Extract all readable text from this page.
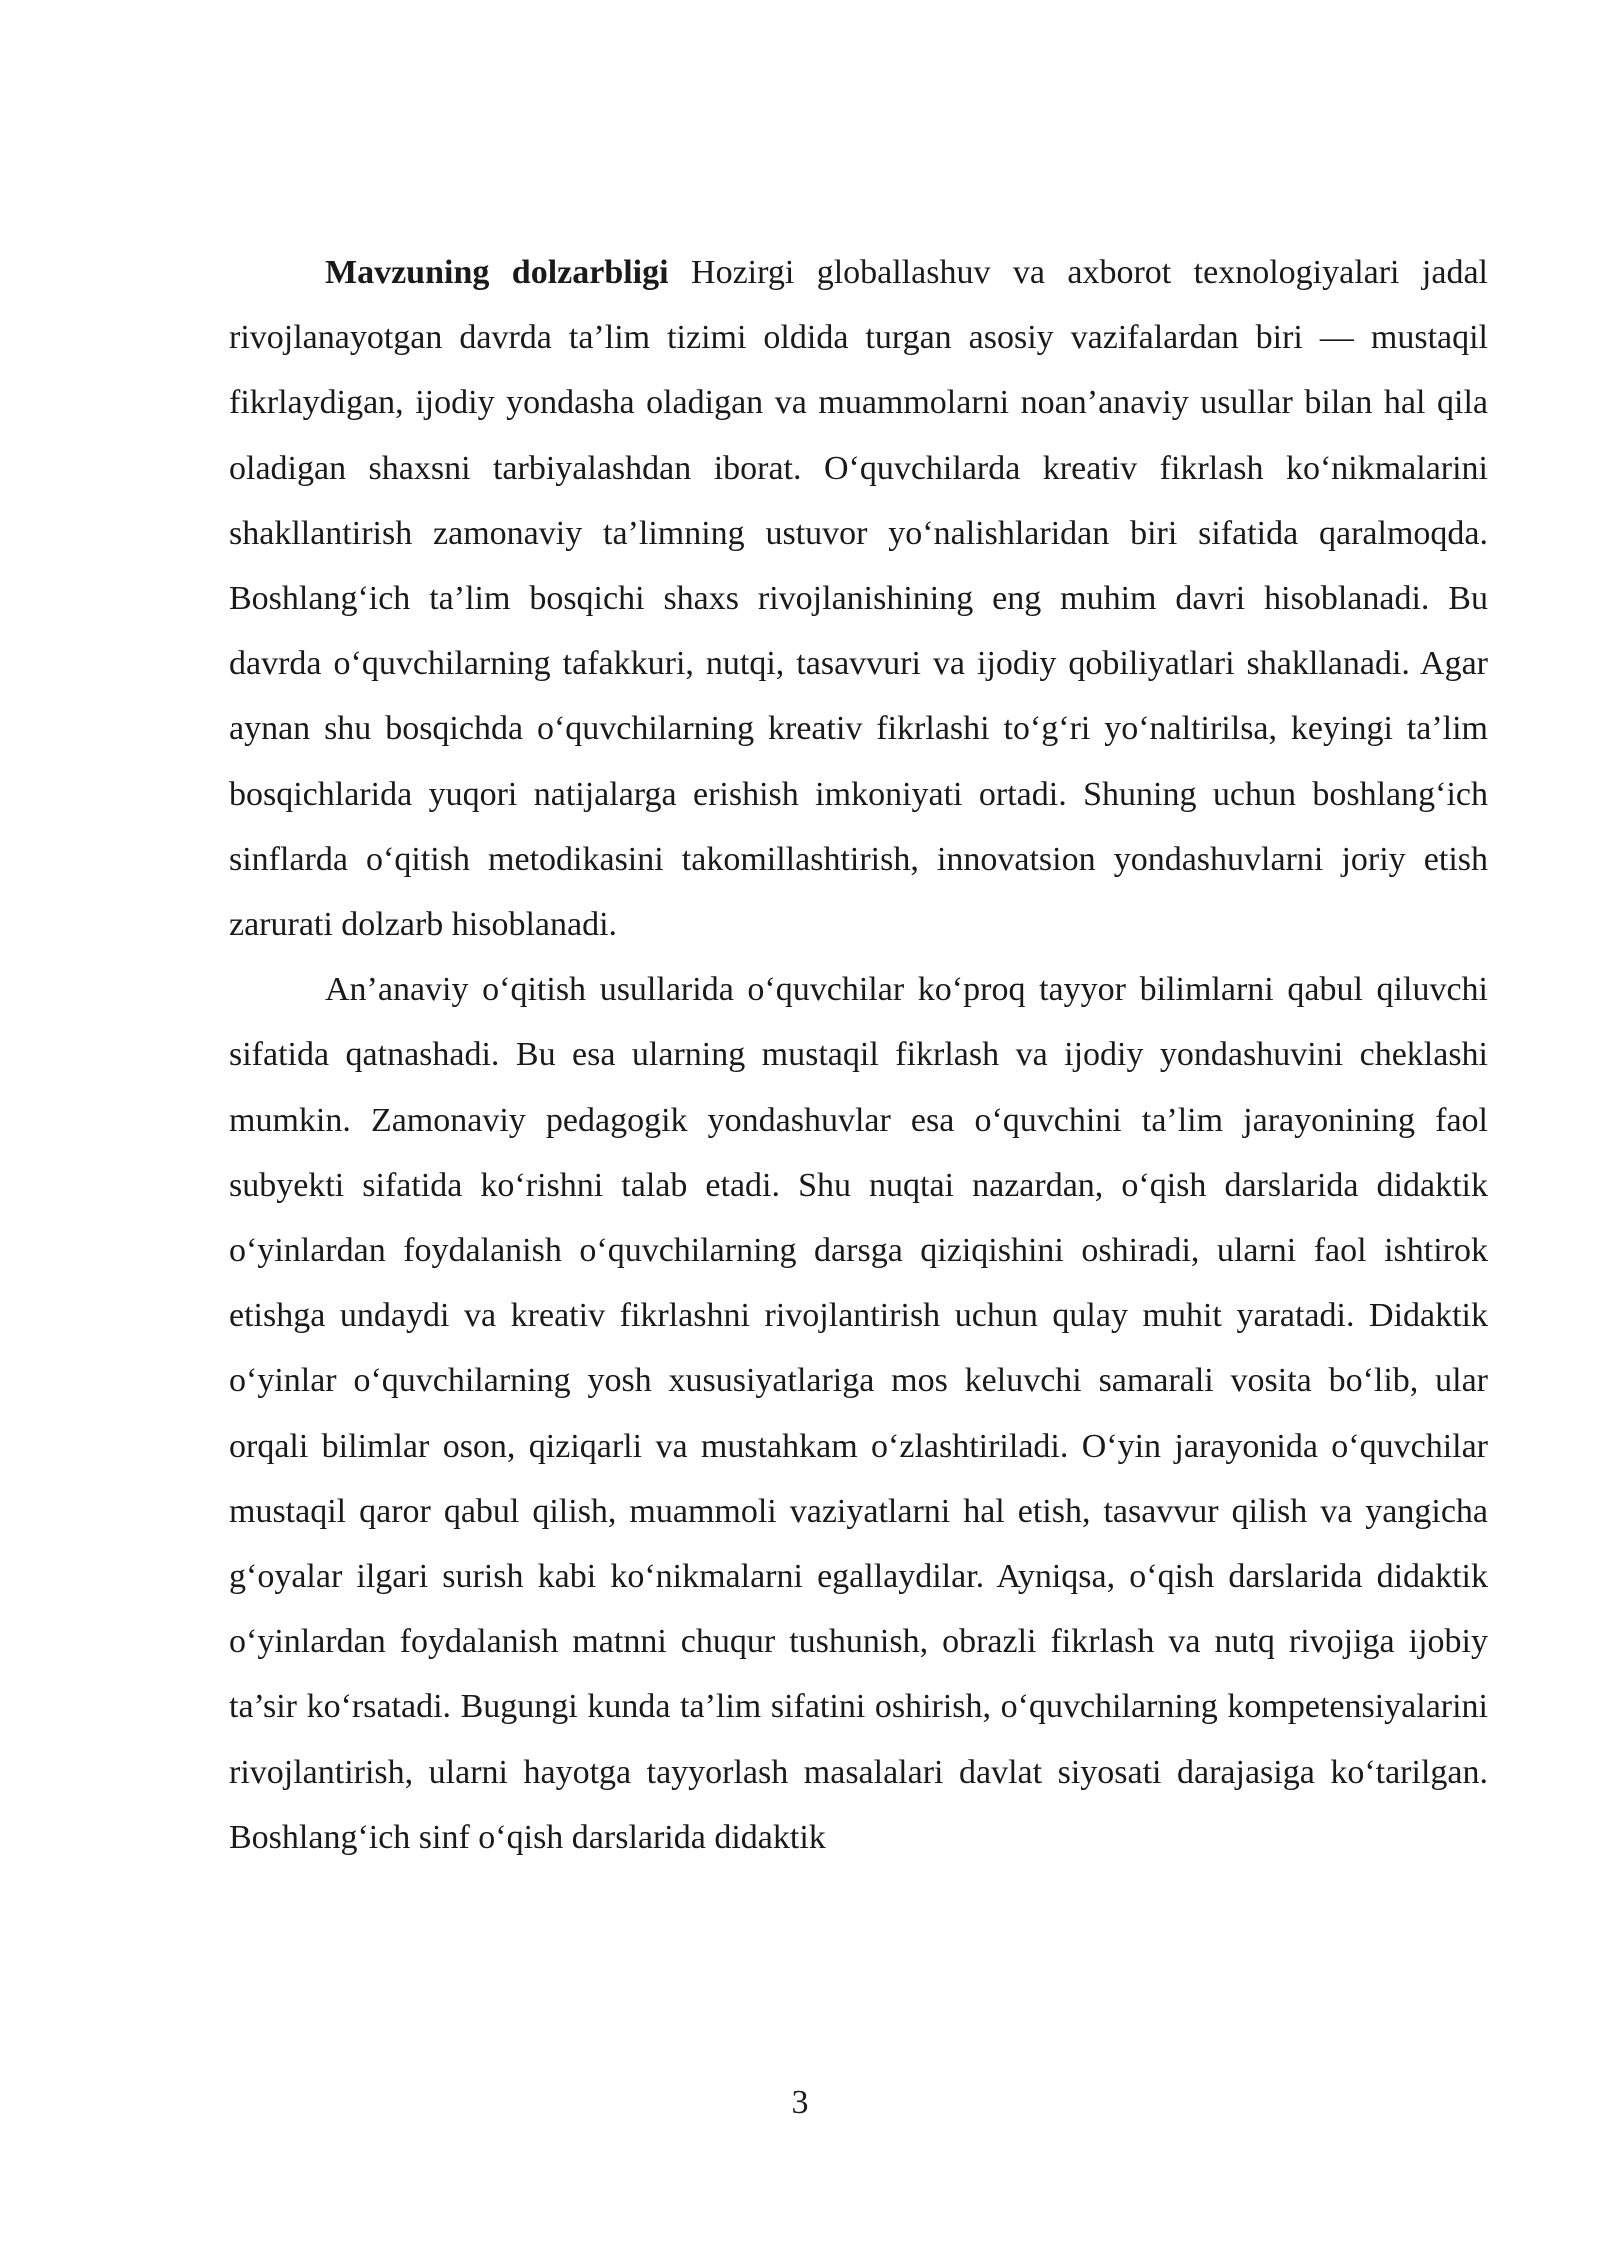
Mavzuning dolzarbligi Hozirgi globallashuv va axborot texnologiyalari jadal rivojlanayotgan davrda ta’lim tizimi oldida turgan asosiy vazifalardan biri — mustaqil fikrlaydigan, ijodiy yondasha oladigan va muammolarni noan’anaviy usullar bilan hal qila oladigan shaxsni tarbiyalashdan iborat. O‘quvchilarda kreativ fikrlash ko‘nikmalarini shakllantirish zamonaviy ta’limning ustuvor yo‘nalishlaridan biri sifatida qaralmoqda. Boshlang‘ich ta’lim bosqichi shaxs rivojlanishining eng muhim davri hisoblanadi. Bu davrda o‘quvchilarning tafakkuri, nutqi, tasavvuri va ijodiy qobiliyatlari shakllanadi. Agar aynan shu bosqichda o‘quvchilarning kreativ fikrlashi to‘g‘ri yo‘naltirilsa, keyingi ta’lim bosqichlarida yuqori natijalarga erishish imkoniyati ortadi. Shuning uchun boshlang‘ich sinflarda o‘qitish metodikasini takomillashtirish, innovatsion yondashuvlarni joriy etish zarurati dolzarb hisoblanadi.

An’anaviy o‘qitish usullarida o‘quvchilar ko‘proq tayyor bilimlarni qabul qiluvchi sifatida qatnashadi. Bu esa ularning mustaqil fikrlash va ijodiy yondashuvini cheklashi mumkin. Zamonaviy pedagogik yondashuvlar esa o‘quvchini ta’lim jarayonining faol subyekti sifatida ko‘rishni talab etadi. Shu nuqtai nazardan, o‘qish darslarida didaktik o‘yinlardan foydalanish o‘quvchilarning darsga qiziqishini oshiradi, ularni faol ishtirok etishga undaydi va kreativ fikrlashni rivojlantirish uchun qulay muhit yaratadi. Didaktik o‘yinlar o‘quvchilarning yosh xususiyatlariga mos keluvchi samarali vosita bo‘lib, ular orqali bilimlar oson, qiziqarli va mustahkam o‘zlashtiriladi. O‘yin jarayonida o‘quvchilar mustaqil qaror qabul qilish, muammoli vaziyatlarni hal etish, tasavvur qilish va yangicha g‘oyalar ilgari surish kabi ko‘nikmalarni egallaydilar. Ayniqsa, o‘qish darslarida didaktik o‘yinlardan foydalanish matnni chuqur tushunish, obrazli fikrlash va nutq rivojiga ijobiy ta’sir ko‘rsatadi. Bugungi kunda ta’lim sifatini oshirish, o‘quvchilarning kompetensiyalarini rivojlantirish, ularni hayotga tayyorlash masalalari davlat siyosati darajasiga ko‘tarilgan. Boshlang‘ich sinf o‘qish darslarida didaktik

3
